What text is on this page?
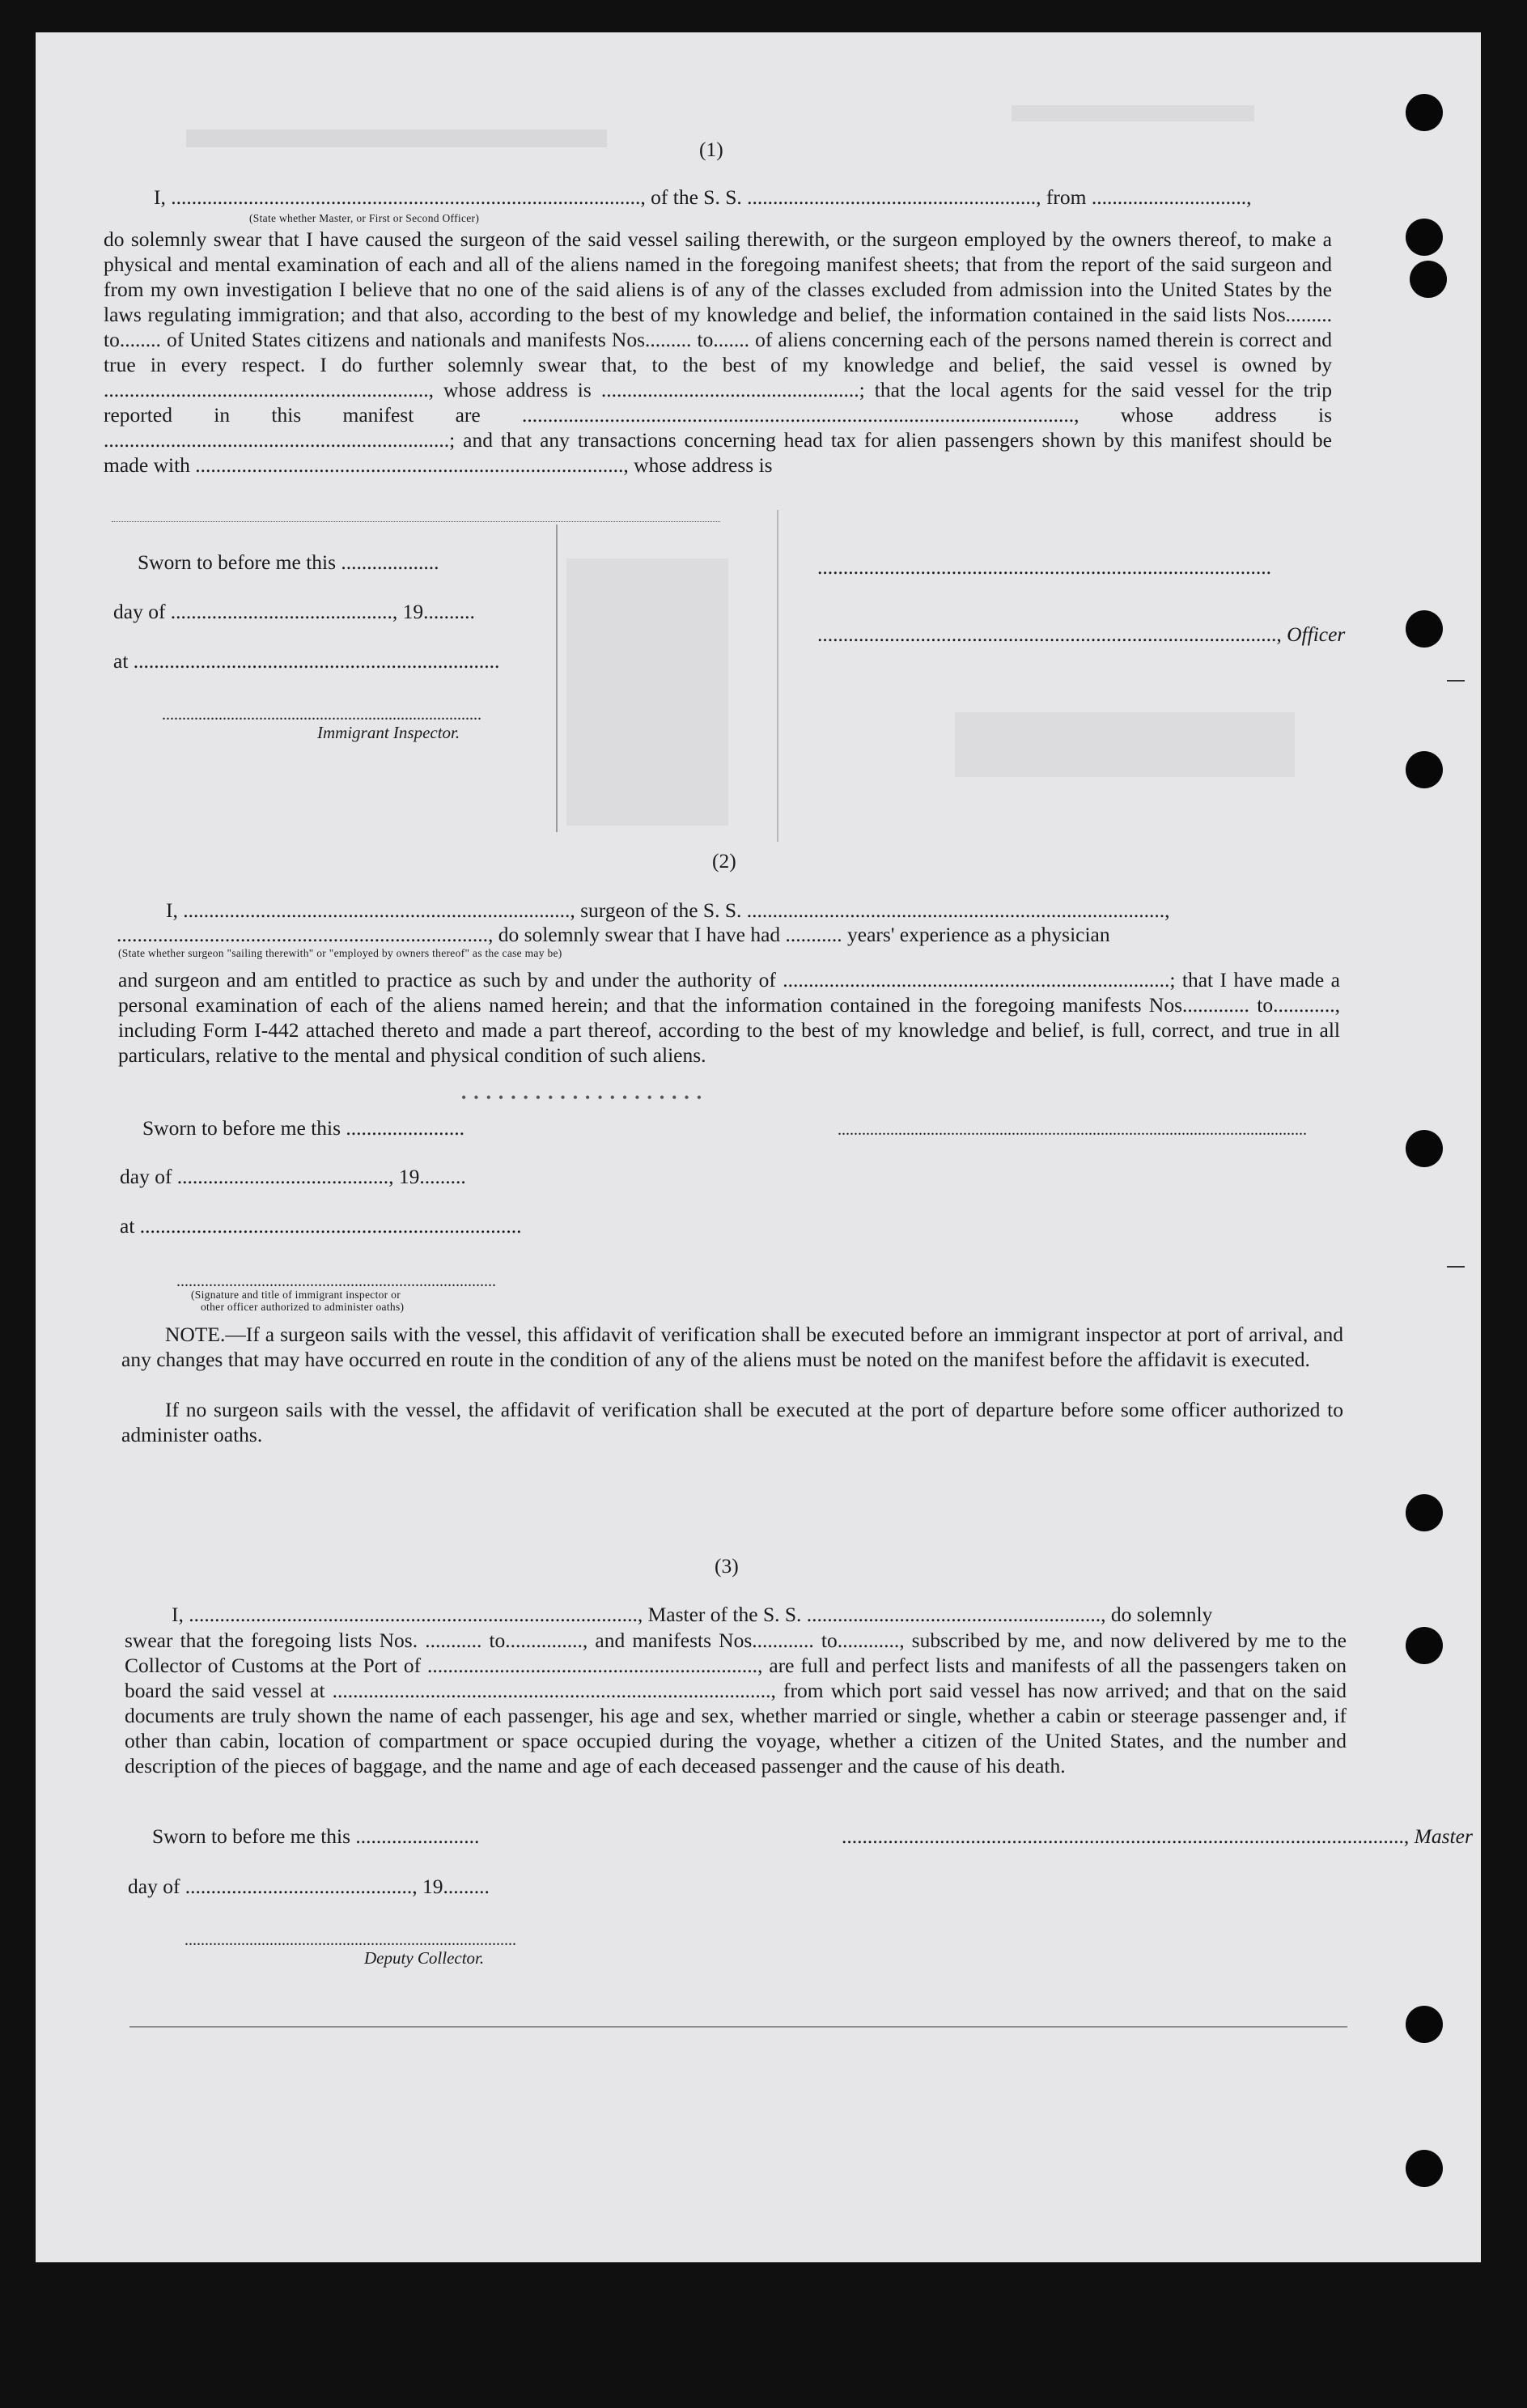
(1)
I, ..........................................................................................., of the S. S. ........................................................, from ..............................,
(State whether Master, or First or Second Officer)
do solemnly swear that I have caused the surgeon of the said vessel sailing therewith, or the surgeon employed by the owners thereof, to make a physical and mental examination of each and all of the aliens named in the foregoing manifest sheets; that from the report of the said surgeon and from my own investigation I believe that no one of the said aliens is of any of the classes excluded from admission into the United States by the laws regulating immigration; and that also, according to the best of my knowledge and belief, the information contained in the said lists Nos......... to........ of United States citizens and nationals and manifests Nos......... to....... of aliens concerning each of the persons named therein is correct and true in every respect. I do further solemnly swear that, to the best of my knowledge and belief, the said vessel is owned by ..............................................................., whose address is ..................................................; that the local agents for the said vessel for the trip reported in this manifest are ..........................................................................................................., whose address is ...................................................................; and that any transactions concerning head tax for alien passengers shown by this manifest should be made with ..................................................................................., whose address is
Sworn to before me this ...................
day of ..........................................., 19..........
at .......................................................................
...............................................................................
Immigrant Inspector.
........................................................................................
........................................................................................., Officer
(2)
I, ..........................................................................., surgeon of the S. S. .................................................................................,
........................................................................, do solemnly swear that I have had ........... years' experience as a physician
(State whether surgeon "sailing therewith" or "employed by owners thereof" as the case may be)
and surgeon and am entitled to practice as such by and under the authority of ...........................................................................; that I have made a personal examination of each of the aliens named herein; and that the information contained in the foregoing manifests Nos............. to............, including Form I-442 attached thereto and made a part thereof, according to the best of my knowledge and belief, is full, correct, and true in all particulars, relative to the mental and physical condition of such aliens.
••••••••••••••••••••
Sworn to before me this .......................
day of ........................................., 19.........
at ..........................................................................
....................................................................................................................
...............................................................................
(Signature and title of immigrant inspector or
other officer authorized to administer oaths)
NOTE.—If a surgeon sails with the vessel, this affidavit of verification shall be executed before an immigrant inspector at port of arrival, and any changes that may have occurred en route in the condition of any of the aliens must be noted on the manifest before the affidavit is executed.
If no surgeon sails with the vessel, the affidavit of verification shall be executed at the port of departure before some officer authorized to administer oaths.
(3)
I, ......................................................................................., Master of the S. S. ........................................................., do solemnly
swear that the foregoing lists Nos. ........... to..............., and manifests Nos............ to............, subscribed by me, and now delivered by me to the Collector of Customs at the Port of ................................................................, are full and perfect lists and manifests of all the passengers taken on board the said vessel at ....................................................................................., from which port said vessel has now arrived; and that on the said documents are truly shown the name of each passenger, his age and sex, whether married or single, whether a cabin or steerage passenger and, if other than cabin, location of compartment or space occupied during the voyage, whether a citizen of the United States, and the number and description of the pieces of baggage, and the name and age of each deceased passenger and the cause of his death.
Sworn to before me this ........................	............................................................................................................., Master
day of ............................................, 19.........
..................................................................................
Deputy Collector.
